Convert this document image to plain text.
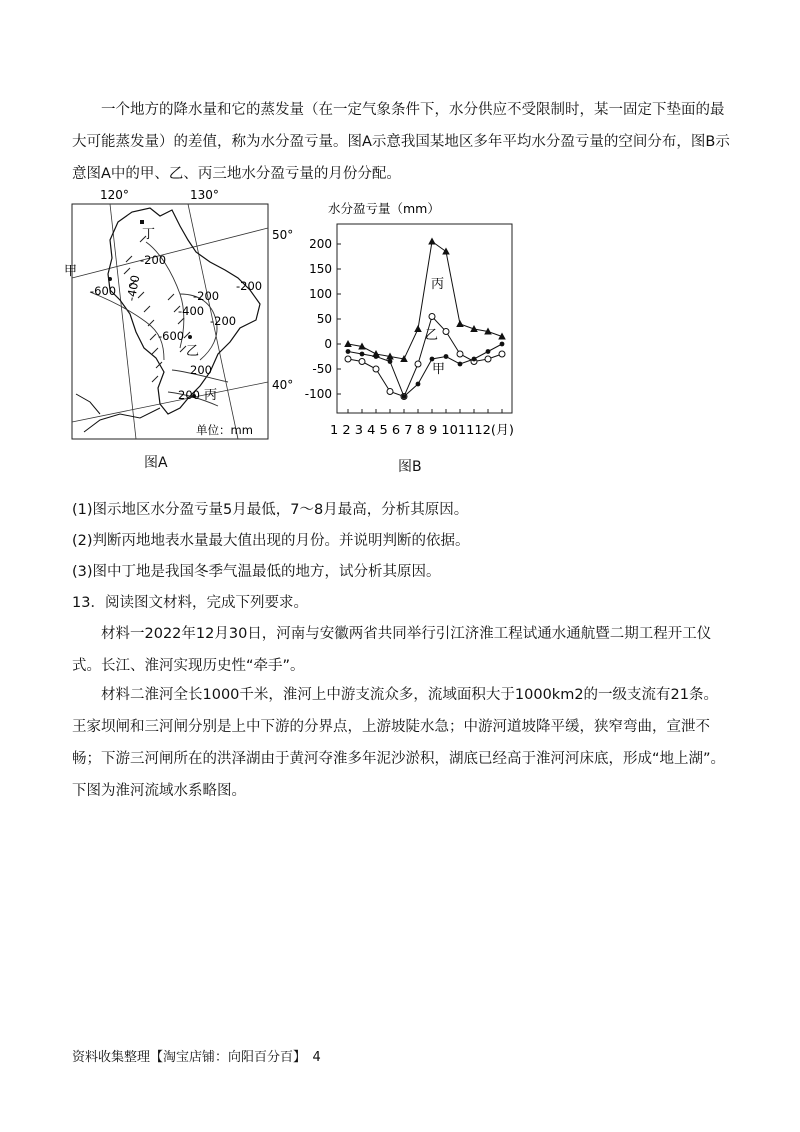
一个地方的降水量和它的蒸发量（在一定气象条件下，水分供应不受限制时，某一固定下垫面的最大可能蒸发量）的差值，称为水分盈亏量。图A示意我国某地区多年平均水分盈亏量的空间分布，图B示意图A中的甲、乙、丙三地水分盈亏量的月份分配。

120°	130°
丁
甲
乙
丙
-200
-600 -400	-200
-200
-400
-200
-600
200
200
50°
40°
单位：mm
图A
水分盈亏量（mm）
200
150
100
50
0
-50
-100
1 2 3 4 5 6 7 8 9 101112(月)
丙
乙
甲
图B

(1)图示地区水分盈亏量5月最低，7～8月最高，分析其原因。

(2)判断丙地地表水量最大值出现的月份。并说明判断的依据。

(3)图中丁地是我国冬季气温最低的地方，试分析其原因。

13．阅读图文材料，完成下列要求。

材料一2022年12月30日，河南与安徽两省共同举行引江济淮工程试通水通航暨二期工程开工仪式。长江、淮河实现历史性“牵手”。

材料二淮河全长1000千米，淮河上中游支流众多，流域面积大于1000km2的一级支流有21条。王家坝闸和三河闸分别是上中下游的分界点，上游坡陡水急；中游河道坡降平缓，狭窄弯曲，宣泄不畅；下游三河闸所在的洪泽湖由于黄河夺淮多年泥沙淤积，湖底已经高于淮河河床底，形成“地上湖”。下图为淮河流域水系略图。

资料收集整理【淘宝店铺：向阳百分百】　4
